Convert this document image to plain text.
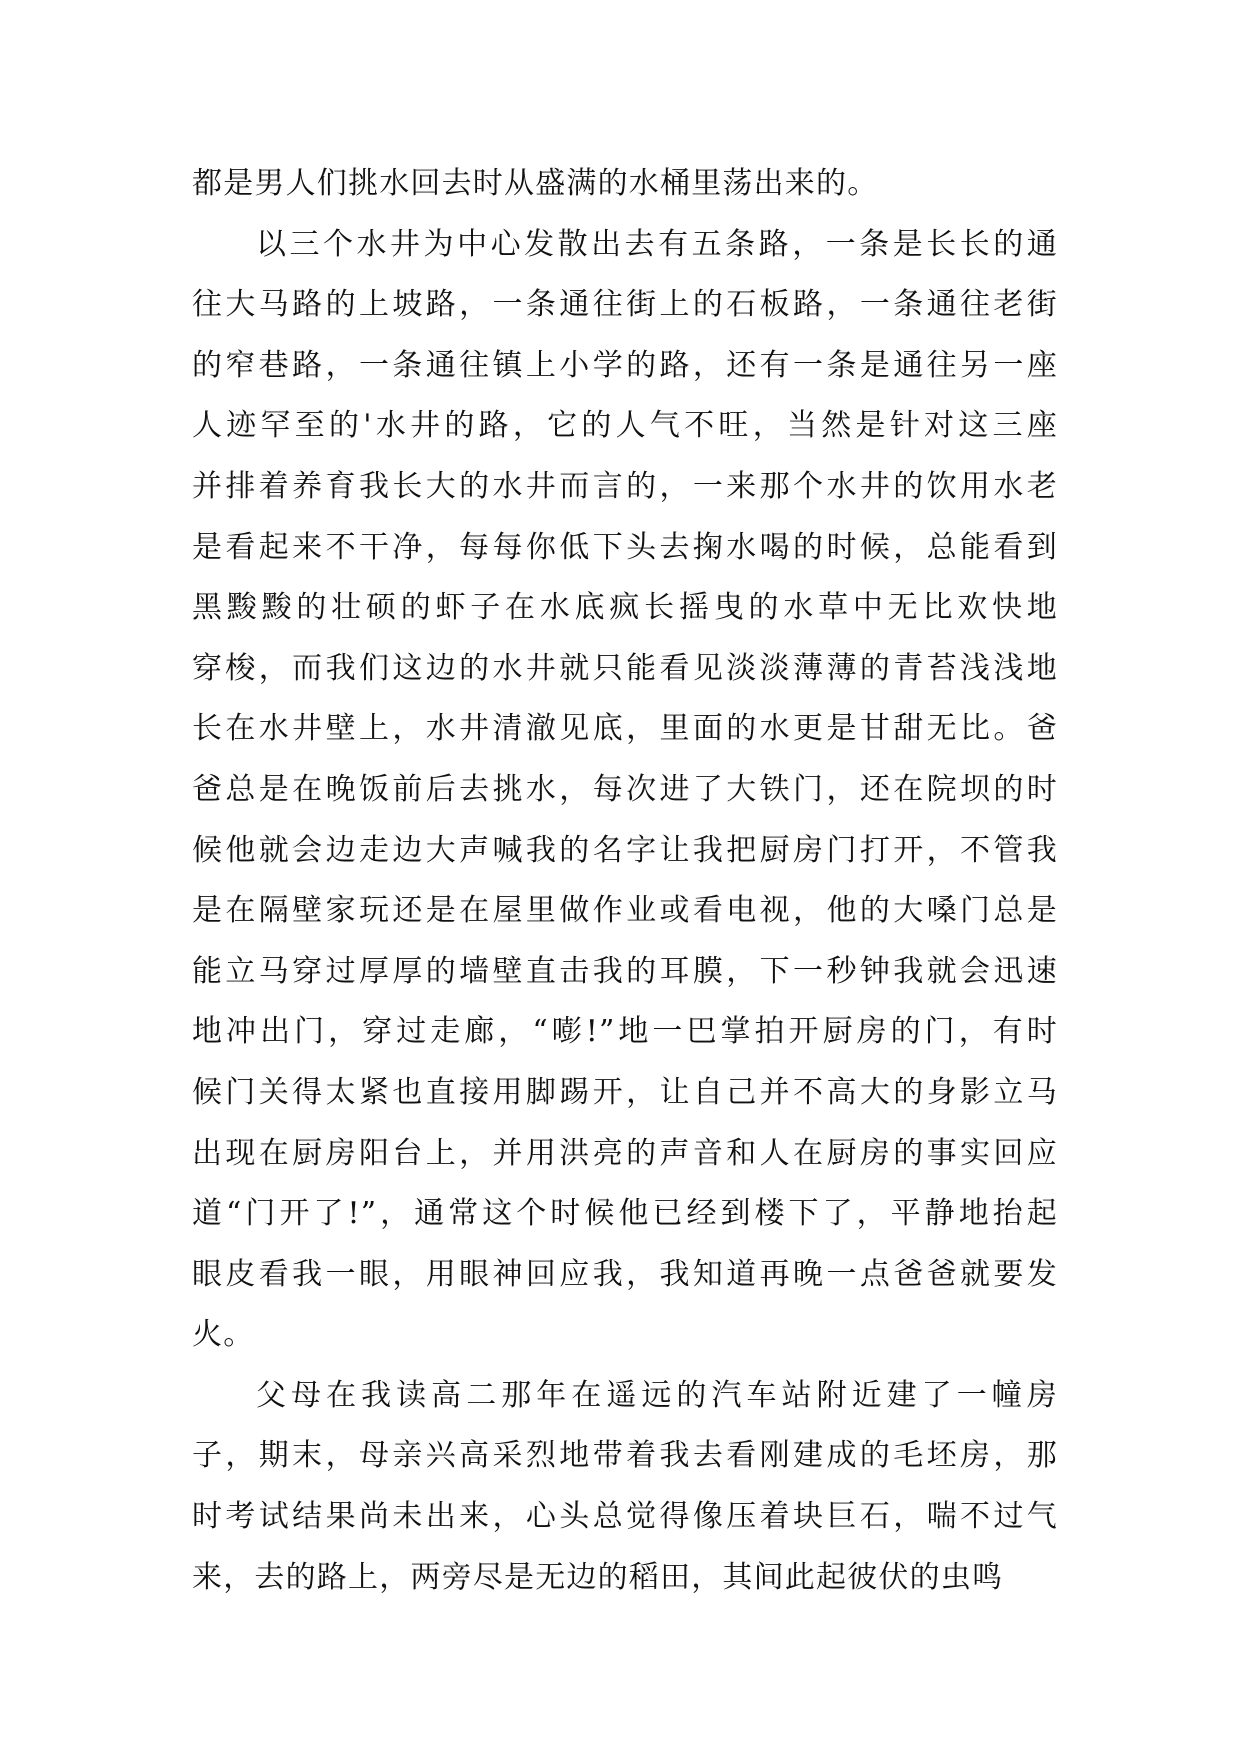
都是男人们挑水回去时从盛满的水桶里荡出来的。
以三个水井为中心发散出去有五条路，一条是长长的通
往大马路的上坡路，一条通往街上的石板路，一条通往老街
的窄巷路，一条通往镇上小学的路，还有一条是通往另一座
人迹罕至的'水井的路，它的人气不旺，当然是针对这三座
并排着养育我长大的水井而言的，一来那个水井的饮用水老
是看起来不干净，每每你低下头去掬水喝的时候，总能看到
黑黢黢的壮硕的虾子在水底疯长摇曳的水草中无比欢快地
穿梭，而我们这边的水井就只能看见淡淡薄薄的青苔浅浅地
长在水井壁上，水井清澈见底，里面的水更是甘甜无比。爸
爸总是在晚饭前后去挑水，每次进了大铁门，还在院坝的时
候他就会边走边大声喊我的名字让我把厨房门打开，不管我
是在隔壁家玩还是在屋里做作业或看电视，他的大嗓门总是
能立马穿过厚厚的墙壁直击我的耳膜，下一秒钟我就会迅速
地冲出门，穿过走廊，“嘭!”地一巴掌拍开厨房的门，有时
候门关得太紧也直接用脚踢开，让自己并不高大的身影立马
出现在厨房阳台上，并用洪亮的声音和人在厨房的事实回应
道“门开了!”，通常这个时候他已经到楼下了，平静地抬起
眼皮看我一眼，用眼神回应我，我知道再晚一点爸爸就要发
火。
父母在我读高二那年在遥远的汽车站附近建了一幢房
子，期末，母亲兴高采烈地带着我去看刚建成的毛坯房，那
时考试结果尚未出来，心头总觉得像压着块巨石，喘不过气
来，去的路上，两旁尽是无边的稻田，其间此起彼伏的虫鸣
